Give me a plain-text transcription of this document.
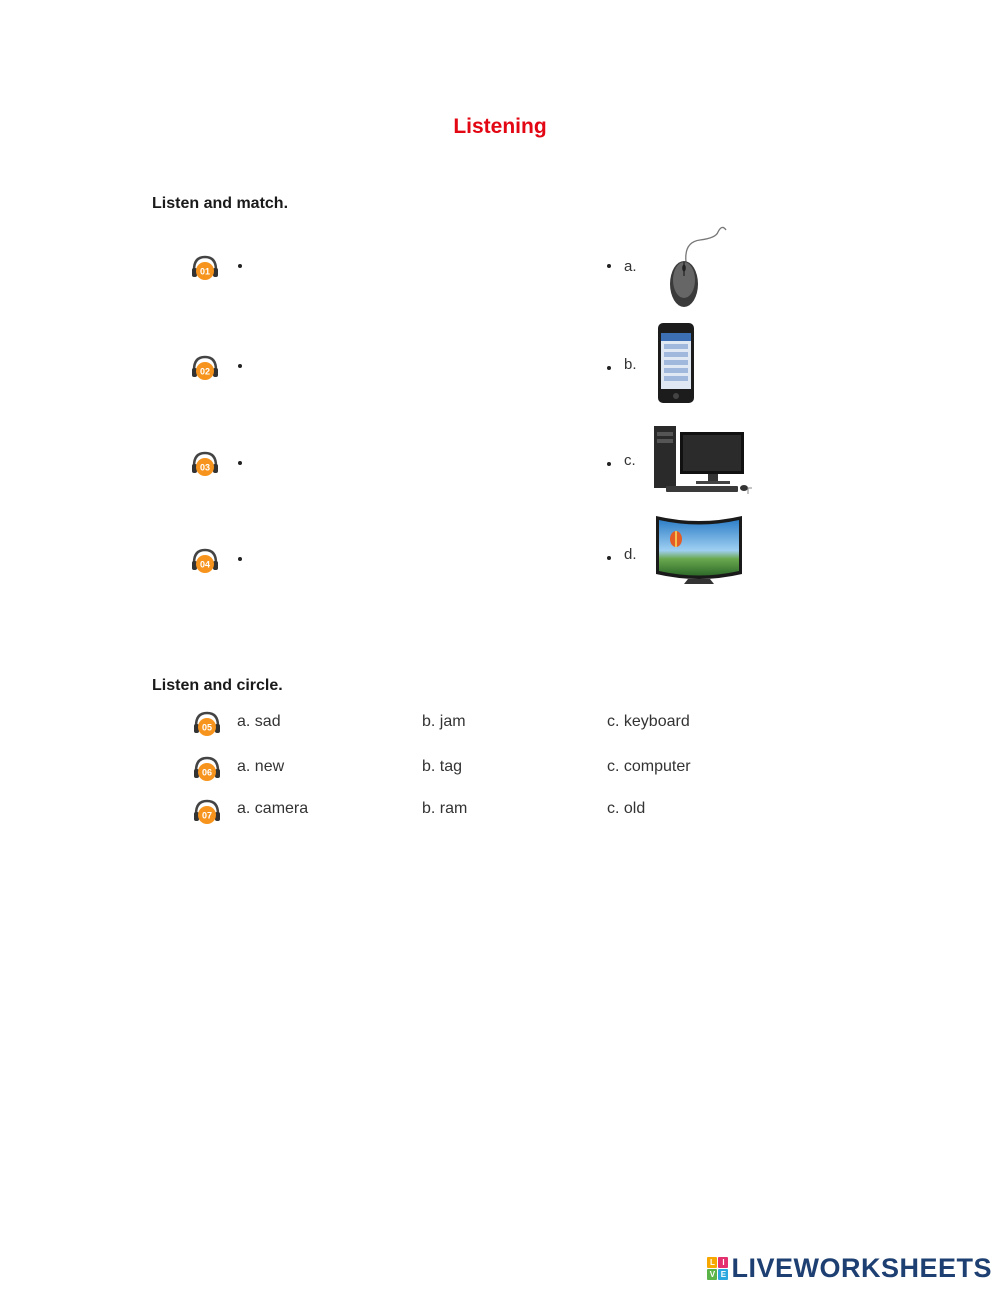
Listening
Listen and match.
01
02
03
04
a.
b.
c.
d.
Listen and circle.
05 a. sad	b. jam	c. keyboard
06 a. new	b. tag	c. computer
07 a. camera	b. ram	c. old
L I
V E LIVEWORKSHEETS
